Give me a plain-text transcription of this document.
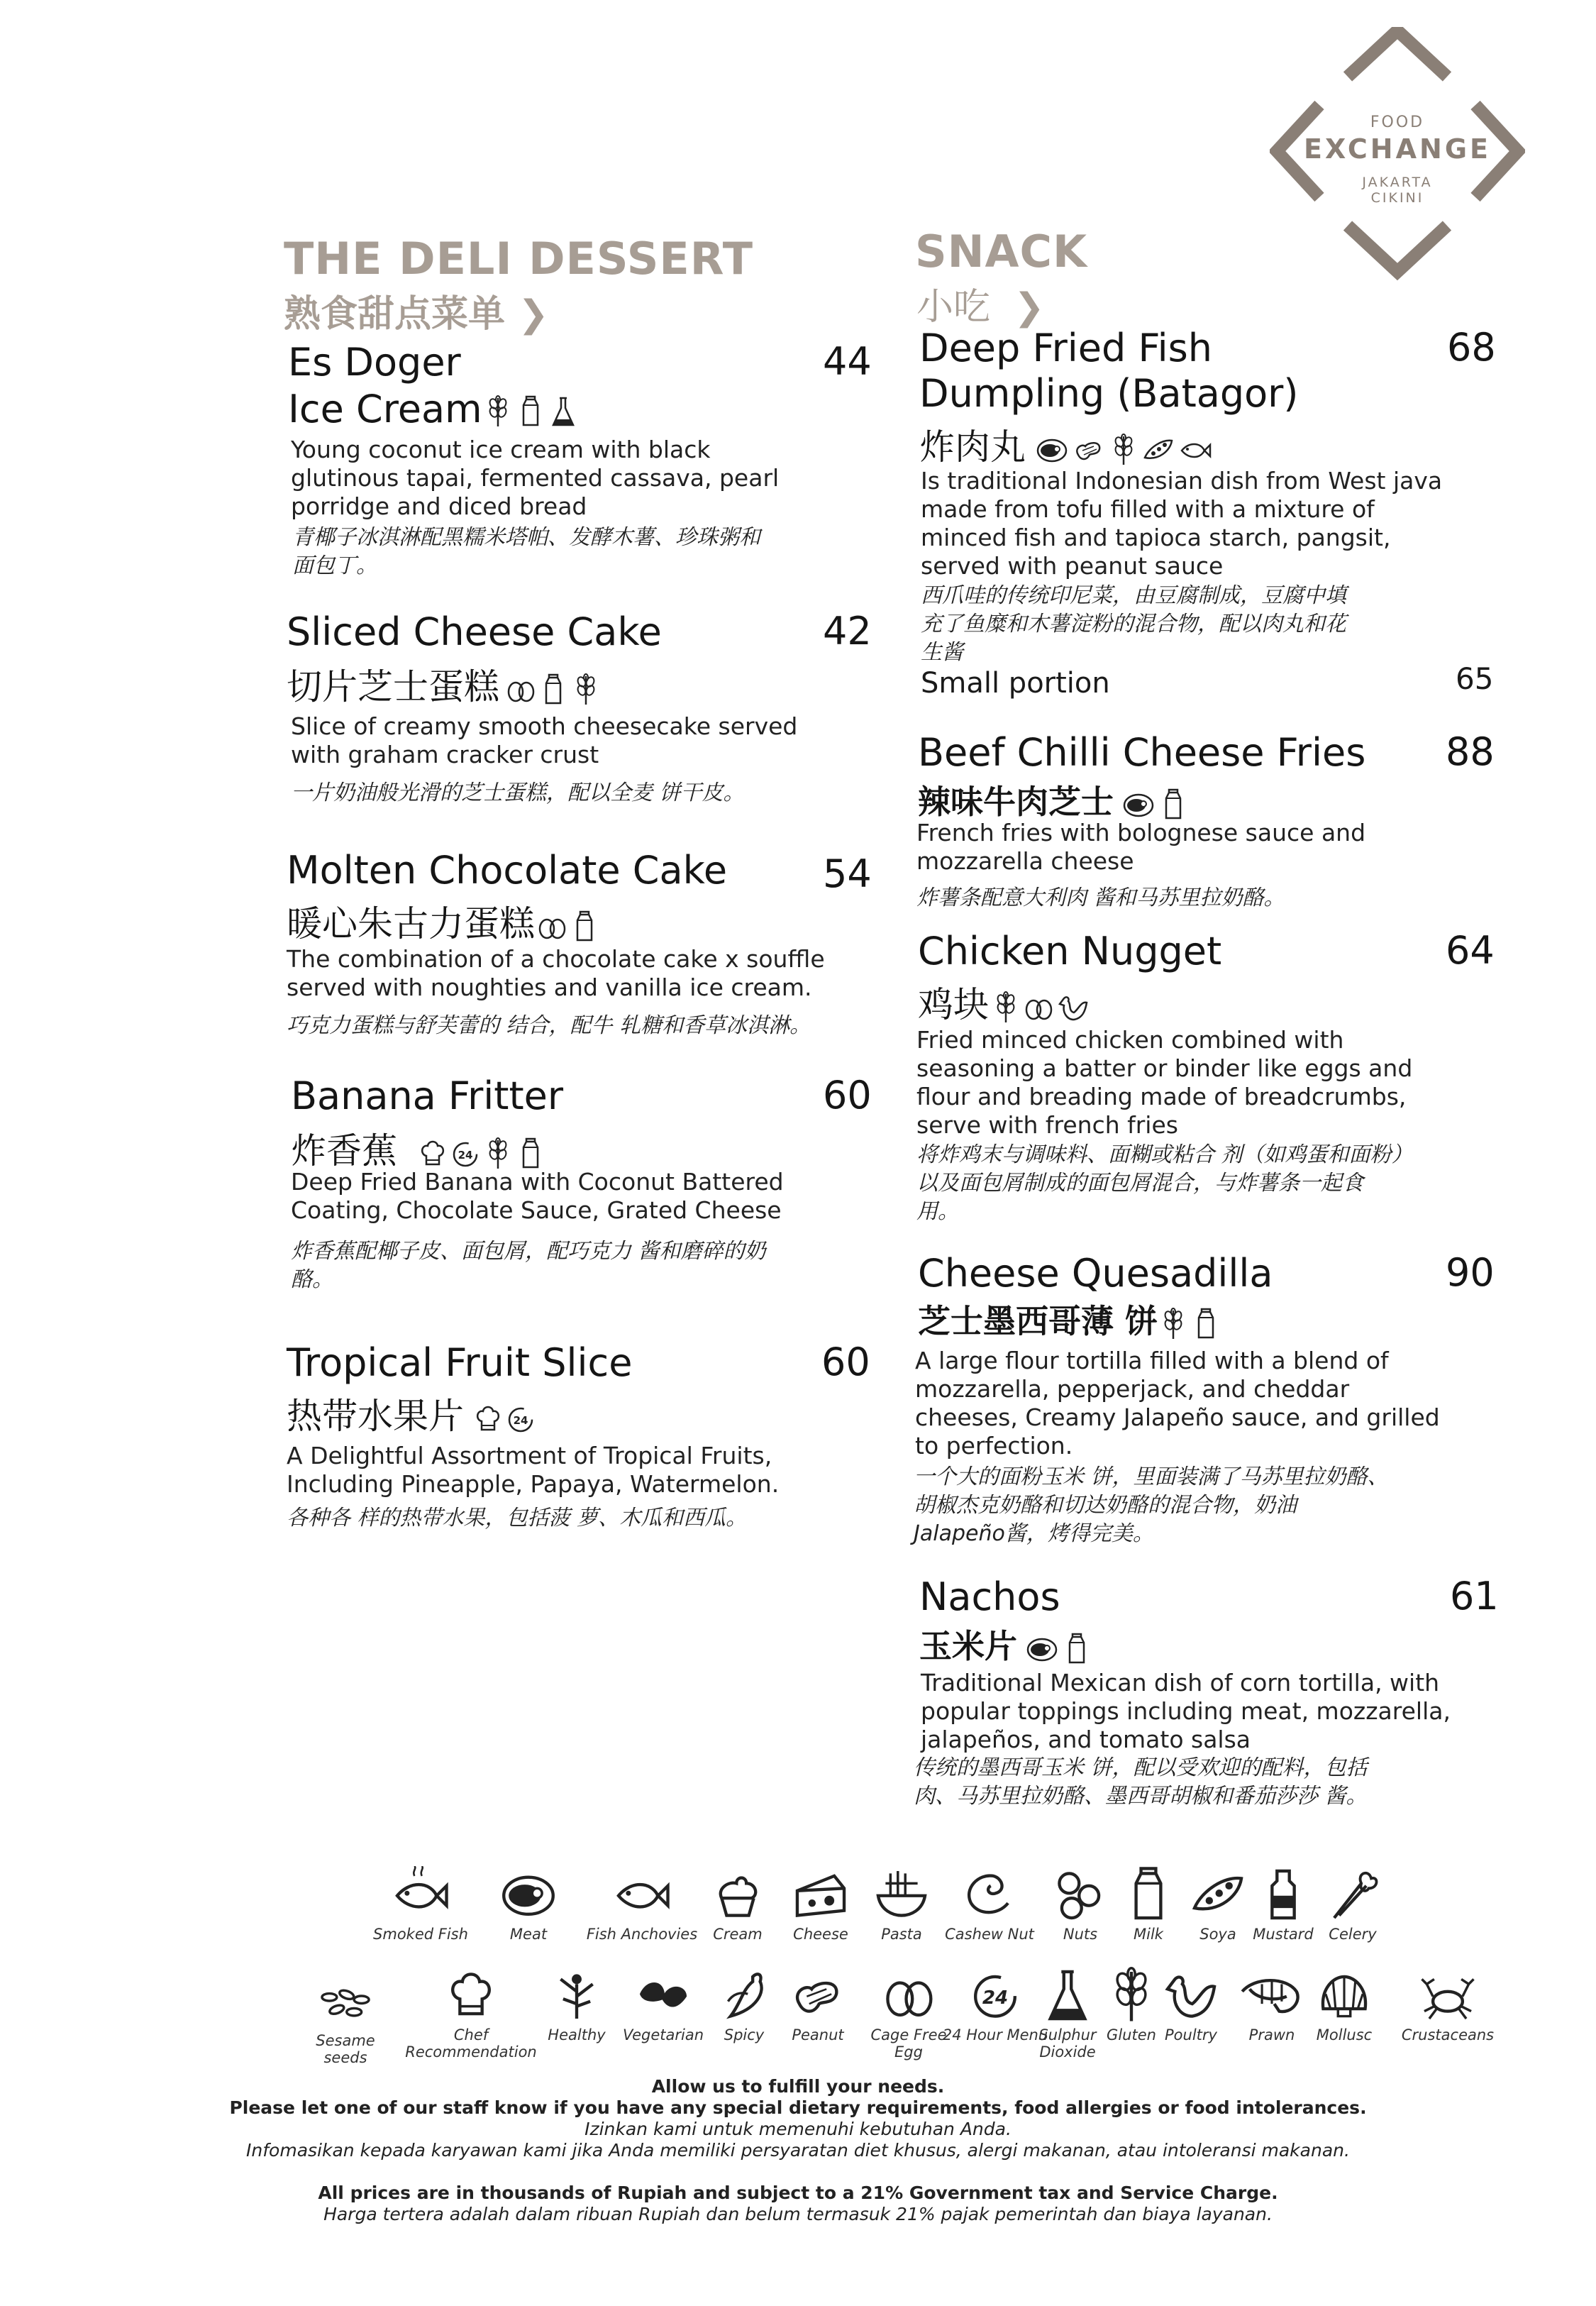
FOOD
EXCHANGE
JAKARTA
CIKINI
THE DELI DESSERT
熟食甜点菜单 ❯
Es Doger	44
Ice Cream
Young coconut ice cream with black
glutinous tapai, fermented cassava, pearl
porridge and diced bread
青椰子冰淇淋配黑糯米塔帕、发酵木薯、珍珠粥和
面包丁。
Sliced Cheese Cake	42
切片芝士蛋糕
Slice of creamy smooth cheesecake served
with graham cracker crust
一片奶油般光滑的芝士蛋糕，配以全麦 饼干皮。
Molten Chocolate Cake 54
暖心朱古力蛋糕
The combination of a chocolate cake x souffle
served with noughties and vanilla ice cream.
巧克力蛋糕与舒芙蕾的 结合，配牛 轧糖和香草冰淇淋。
Banana Fritter	60
炸香蕉
Deep Fried Banana with Coconut Battered
Coating, Chocolate Sauce, Grated Cheese
炸香蕉配椰子皮、面包屑，配巧克力 酱和磨碎的奶
酪。
Tropical Fruit Slice	60
热带水果片
A Delightful Assortment of Tropical Fruits,
Including Pineapple, Papaya, Watermelon.
各种各 样的热带水果，包括菠 萝、木瓜和西瓜。
SNACK
小吃 ❯
Deep Fried Fish	68
Dumpling (Batagor)
炸肉丸
Is traditional Indonesian dish from West java
made from tofu filled with a mixture of
minced fish and tapioca starch, pangsit,
served with peanut sauce
西爪哇的传统印尼菜，由豆腐制成，豆腐中填
充了鱼糜和木薯淀粉的混合物，配以肉丸和花
生酱
Small portion	65
Beef Chilli Cheese Fries 88
辣味牛肉芝士
French fries with bolognese sauce and
mozzarella cheese
炸薯条配意大利肉 酱和马苏里拉奶酪。
Chicken Nugget	64
鸡块
Fried minced chicken combined with
seasoning a batter or binder like eggs and
flour and breading made of breadcrumbs,
serve with french fries
将炸鸡末与调味料、面糊或粘合 剂（如鸡蛋和面粉）
以及面包屑制成的面包屑混合，与炸薯条一起食
用。
Cheese Quesadilla	90
芝士墨西哥薄 饼
A large flour tortilla filled with a blend of
mozzarella, pepperjack, and cheddar
cheeses, Creamy Jalapeño sauce, and grilled
to perfection.
一个大的面粉玉米 饼，里面装满了马苏里拉奶酪、
胡椒杰克奶酪和切达奶酪的混合物，奶油
Jalapeño酱，烤得完美。
Nachos	61
玉米片
Traditional Mexican dish of corn tortilla, with
popular toppings including meat, mozzarella,
jalapeños, and tomato salsa
传统的墨西哥玉米 饼，配以受欢迎的配料，包括
肉、马苏里拉奶酪、墨西哥胡椒和番茄莎莎 酱。
Smoked Fish	Meat	Fish Anchovies	Cream	Cheese	Pasta	Cashew Nut	Nuts	Milk	Soya	Mustard	Celery
Sesame seeds
Chef Recommendation
Healthy	Vegetarian	Spicy	Peanut	Cage Free Egg
24 Hour Menu
Sulphur Dioxide
Gluten Poultry	Prawn	Mollusc	Crustaceans
Allow us to fulfill your needs.
Please let one of our staff know if you have any special dietary requirements, food allergies or food intolerances.
Izinkan kami untuk memenuhi kebutuhan Anda.
Infomasikan kepada karyawan kami jika Anda memiliki persyaratan diet khusus, alergi makanan, atau intoleransi makanan.
All prices are in thousands of Rupiah and subject to a 21% Government tax and Service Charge.
Harga tertera adalah dalam ribuan Rupiah dan belum termasuk 21% pajak pemerintah dan biaya layanan.
